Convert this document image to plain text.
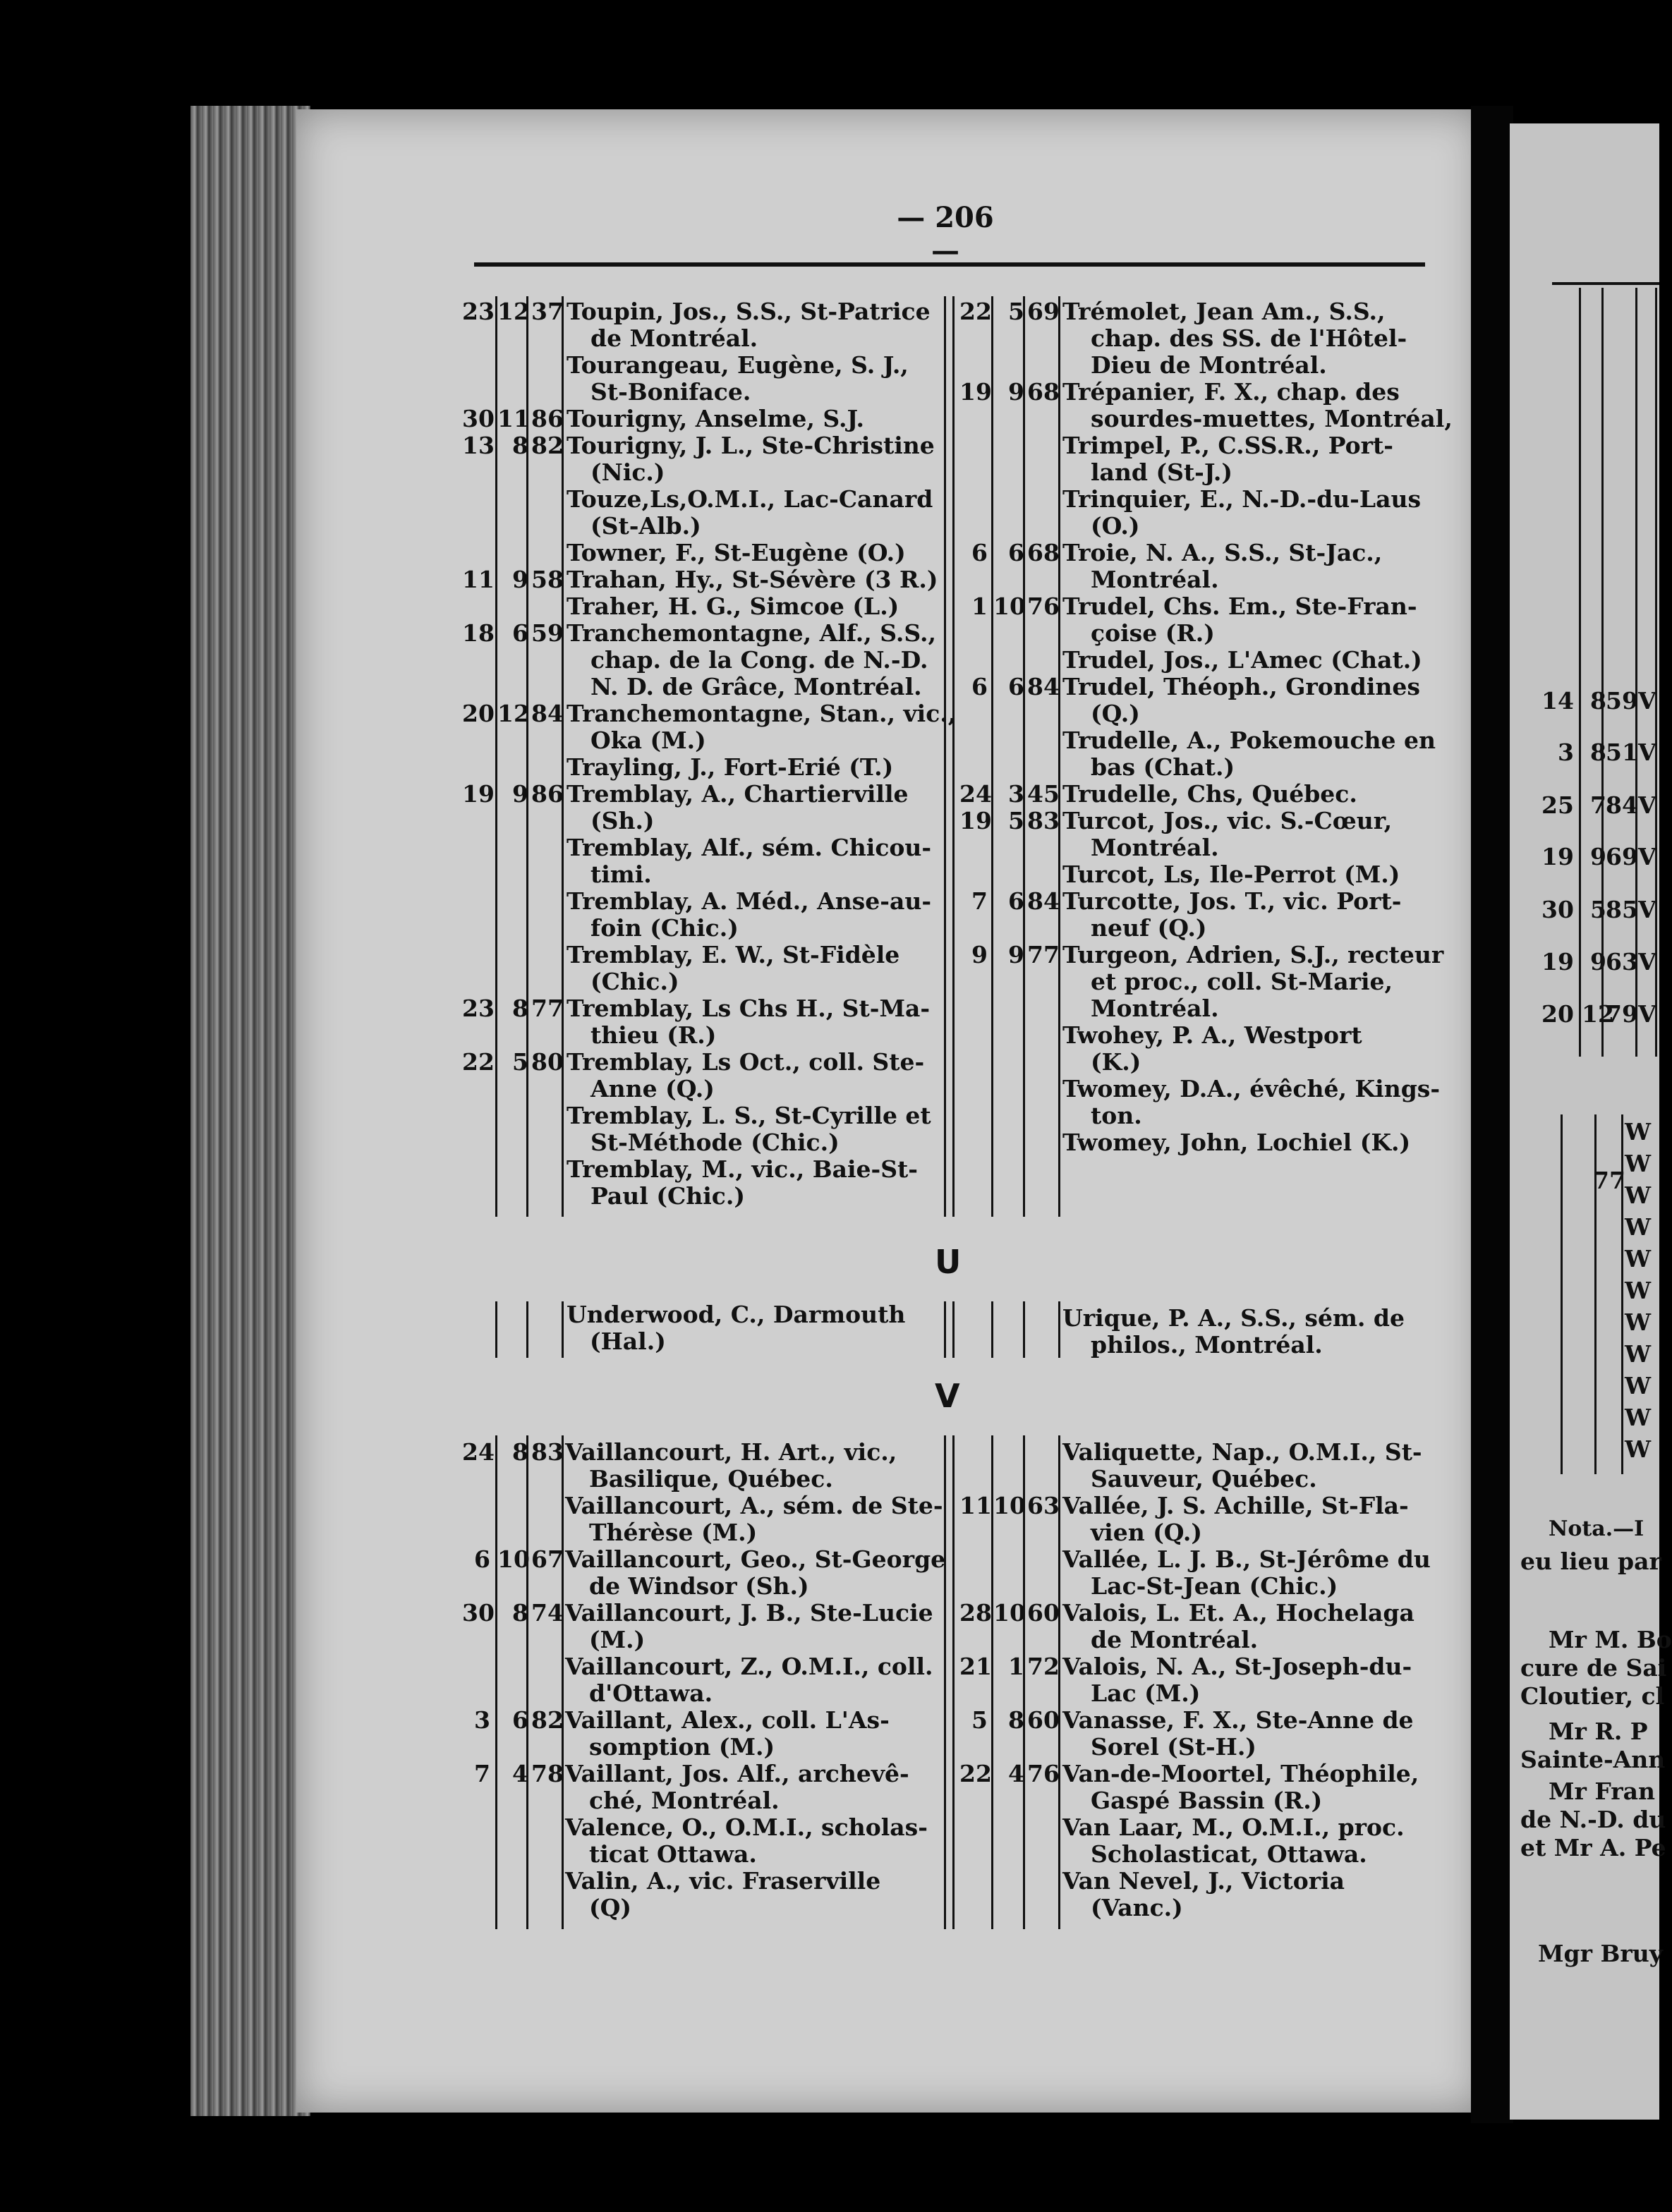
— 206 —
23 12 37 Toupin, Jos., S.S., St-Patrice
de Montréal.
Tourangeau, Eugène, S. J.,
St-Boniface.
30 11 86 Tourigny, Anselme, S.J.
13 8 82 Tourigny, J. L., Ste-Christine
(Nic.)
Touze,Ls,O.M.I., Lac-Canard
(St-Alb.)
Towner, F., St-Eugène (O.)
11 9 58 Trahan, Hy., St-Sévère (3 R.)
Traher, H. G., Simcoe (L.)
18 6 59 Tranchemontagne, Alf., S.S.,
chap. de la Cong. de N.-D.
N. D. de Grâce, Montréal.
20 12 84 Tranchemontagne, Stan., vic.,
Oka (M.)
Trayling, J., Fort-Erié (T.)
19 9 86 Tremblay, A., Chartierville
(Sh.)
Tremblay, Alf., sém. Chicou-
timi.
Tremblay, A. Méd., Anse-au-
foin (Chic.)
Tremblay, E. W., St-Fidèle
(Chic.)
23 8 77 Tremblay, Ls Chs H., St-Ma-
thieu (R.)
22 5 80 Tremblay, Ls Oct., coll. Ste-
Anne (Q.)
Tremblay, L. S., St-Cyrille et
St-Méthode (Chic.)
Tremblay, M., vic., Baie-St-
Paul (Chic.)
22 5 69 Trémolet, Jean Am., S.S.,
chap. des SS. de l'Hôtel-
Dieu de Montréal.
19 9 68 Trépanier, F. X., chap. des
sourdes-muettes, Montréal,
Trimpel, P., C.SS.R., Port-
land (St-J.)
Trinquier, E., N.-D.-du-Laus
(O.)
6 6 68 Troie, N. A., S.S., St-Jac.,
Montréal.
1 10 76 Trudel, Chs. Em., Ste-Fran-
çoise (R.)
Trudel, Jos., L'Amec (Chat.)
6 6 84 Trudel, Théoph., Grondines
(Q.)
Trudelle, A., Pokemouche en
bas (Chat.)
24 3 45 Trudelle, Chs, Québec.
19 5 83 Turcot, Jos., vic. S.-Cœur,
Montréal.
Turcot, Ls, Ile-Perrot (M.)
7 6 84 Turcotte, Jos. T., vic. Port-
neuf (Q.)
9 9 77 Turgeon, Adrien, S.J., recteur
et proc., coll. St-Marie,
Montréal.
Twohey, P. A., Westport
(K.)
Twomey, D.A., évêché, Kings-
ton.
Twomey, John, Lochiel (K.)
U
Underwood, C., Darmouth
(Hal.)
Urique, P. A., S.S., sém. de
philos., Montréal.
V
24 8 83 Vaillancourt, H. Art., vic.,
Basilique, Québec.
Vaillancourt, A., sém. de Ste-
Thérèse (M.)
6 10 67 Vaillancourt, Geo., St-George
de Windsor (Sh.)
30 8 74 Vaillancourt, J. B., Ste-Lucie
(M.)
Vaillancourt, Z., O.M.I., coll.
d'Ottawa.
3 6 82 Vaillant, Alex., coll. L'As-
somption (M.)
7 4 78 Vaillant, Jos. Alf., archevê-
ché, Montréal.
Valence, O., O.M.I., scholas-
ticat Ottawa.
Valin, A., vic. Fraserville
(Q)
Valiquette, Nap., O.M.I., St-
Sauveur, Québec.
11 10 63 Vallée, J. S. Achille, St-Fla-
vien (Q.)
Vallée, L. J. B., St-Jérôme du
Lac-St-Jean (Chic.)
28 10 60 Valois, L. Et. A., Hochelaga
de Montréal.
21 1 72 Valois, N. A., St-Joseph-du-
Lac (M.)
5 8 60 Vanasse, F. X., Ste-Anne de
Sorel (St-H.)
22 4 76 Van-de-Moortel, Théophile,
Gaspé Bassin (R.)
Van Laar, M., O.M.I., proc.
Scholasticat, Ottawa.
Van Nevel, J., Victoria
(Vanc.)
14 8 59 V
3 8 51 V
25 7 84 V
19 9 69 V
30 5 85 V
19 9 63 V
20 12
79 V
77
W
W
W
W
W
W
W
W
W
W
W
Nota.—I
eu lieu par
Mr M. Bo
cure de Sai
Cloutier, cl
Mr R. P
Sainte-Ann
Mr Fran
de N.-D. du
et Mr A. Pe
Mgr Bruy
